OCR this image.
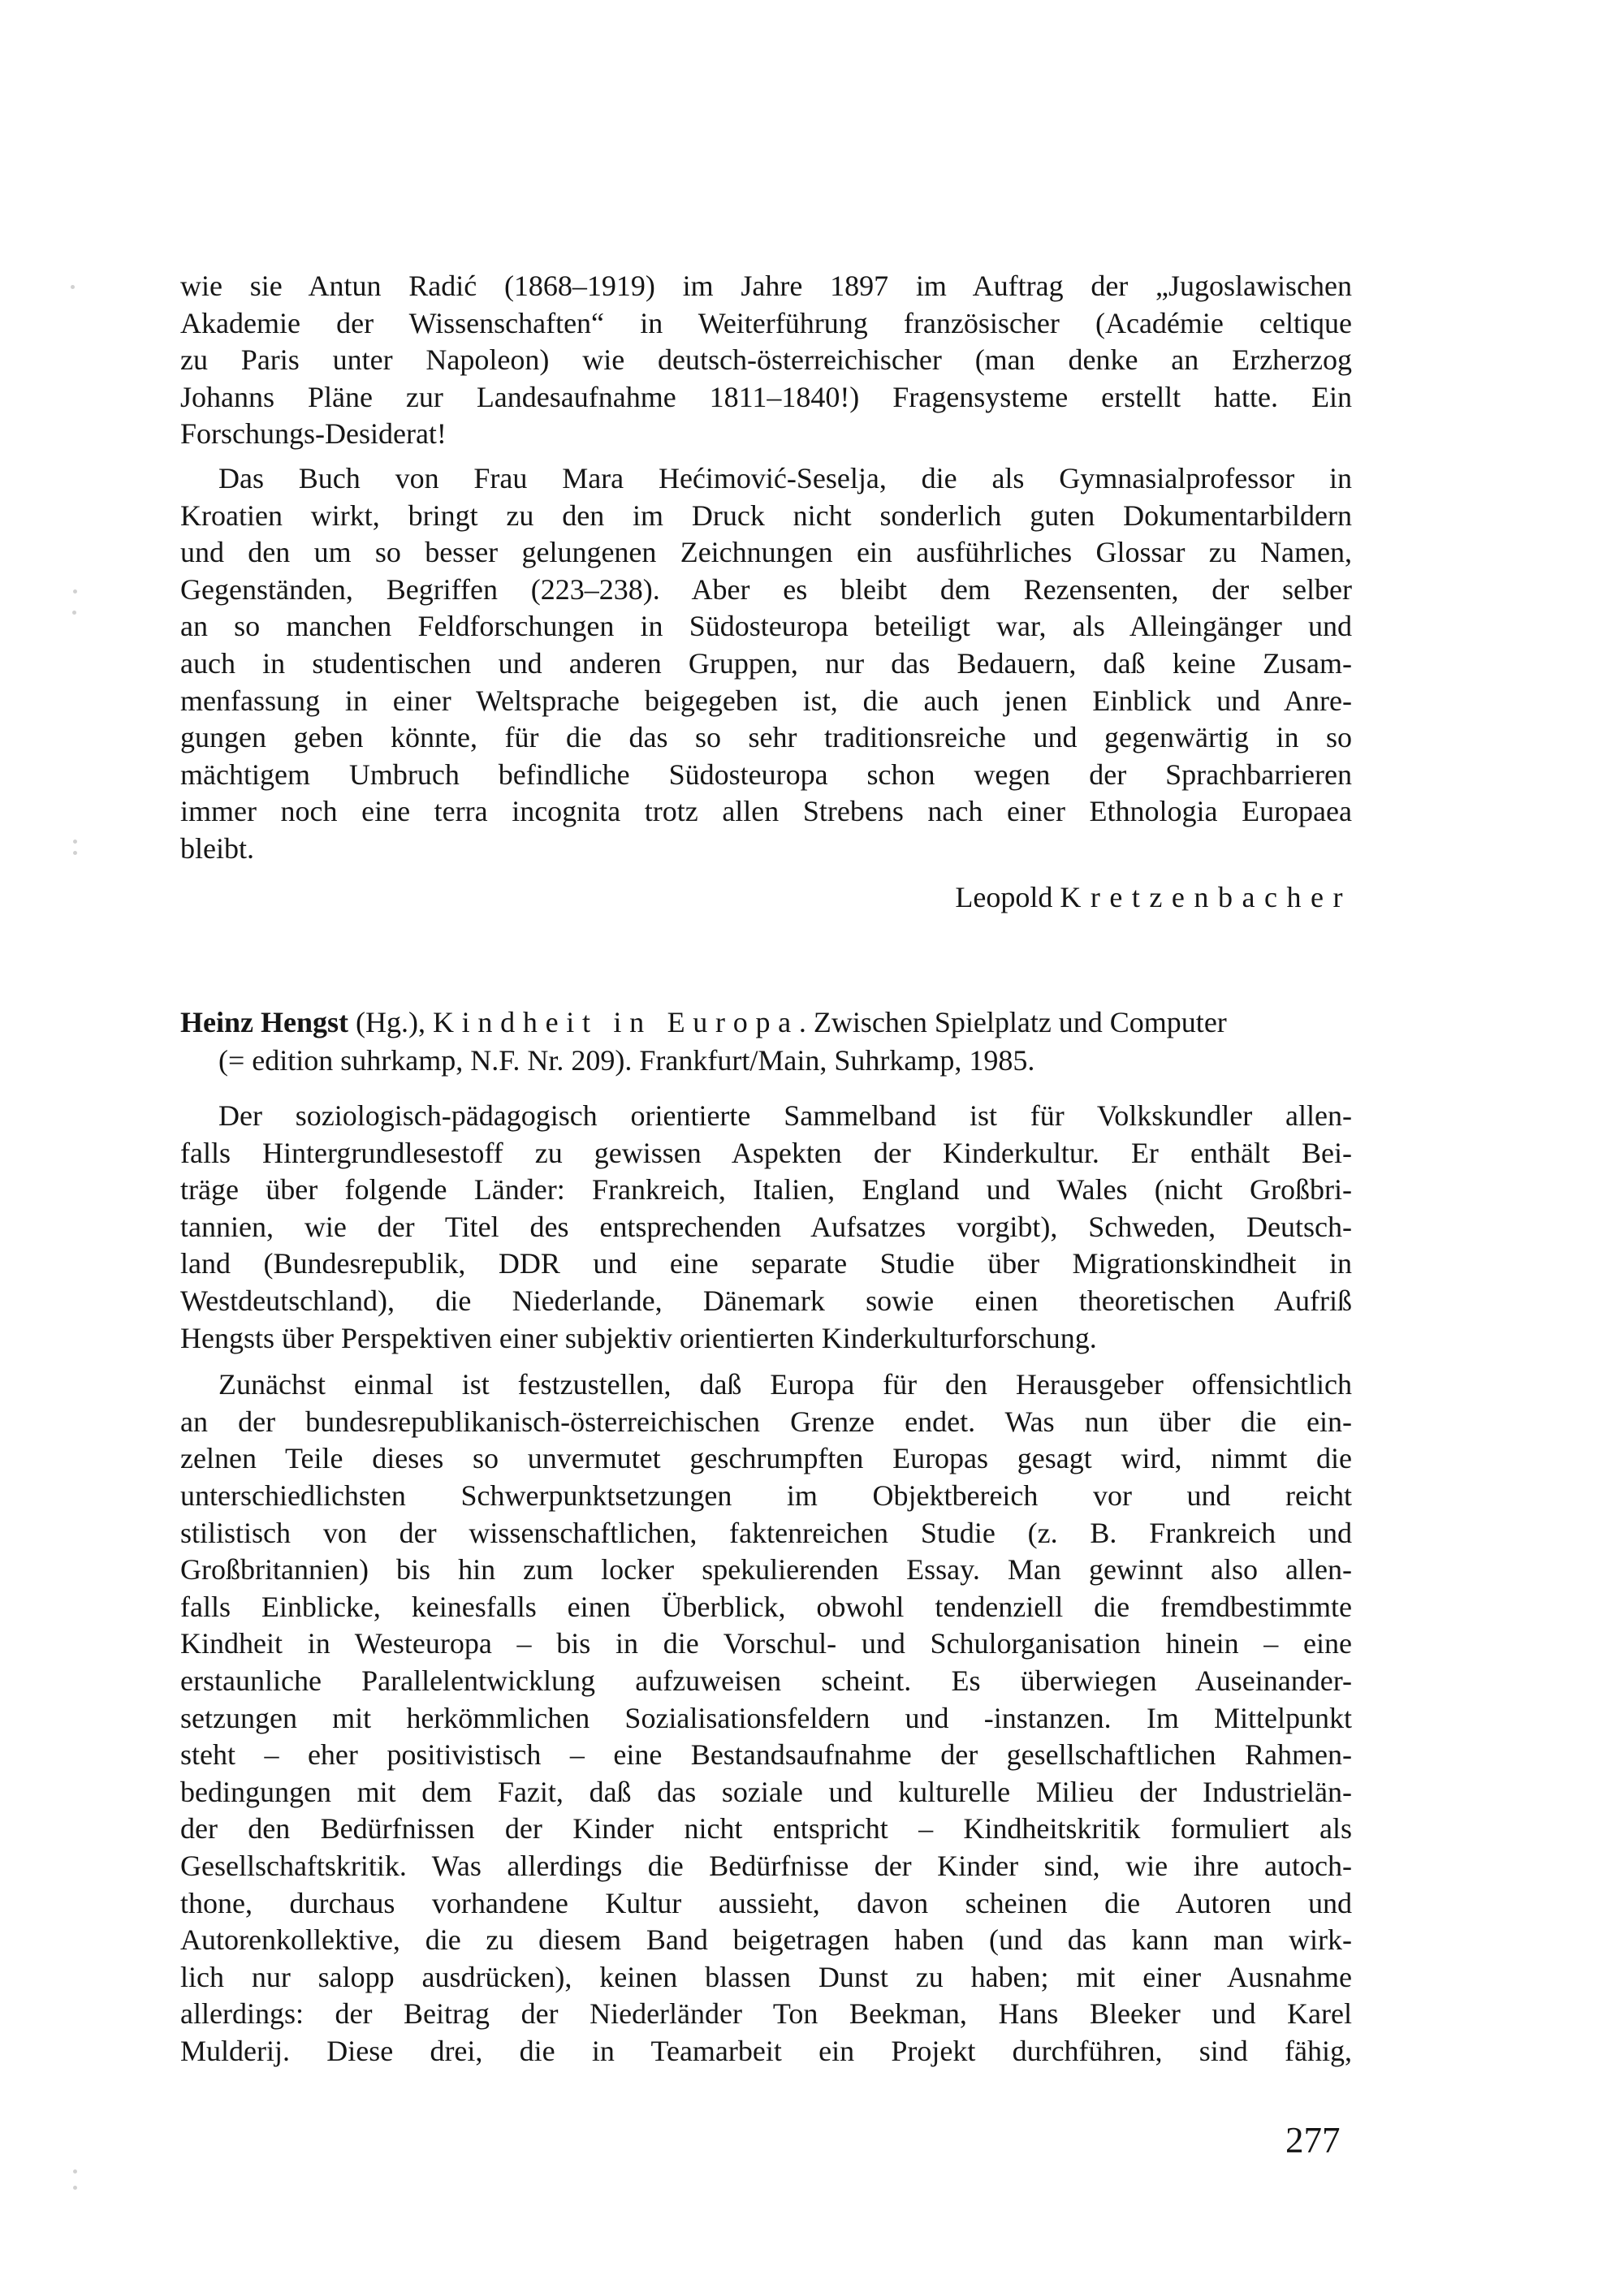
wie sie Antun Radić (1868–1919) im Jahre 1897 im Auftrag der „Jugoslawischen
Akademie der Wissenschaften“ in Weiterführung französischer (Académie celtique
zu Paris unter Napoleon) wie deutsch-österreichischer (man denke an Erzherzog
Johanns Pläne zur Landesaufnahme 1811–1840!) Fragensysteme erstellt hatte. Ein
Forschungs-Desiderat!
Das Buch von Frau Mara Hećimović-Seselja, die als Gymnasialprofessor in
Kroatien wirkt, bringt zu den im Druck nicht sonderlich guten Dokumentarbildern
und den um so besser gelungenen Zeichnungen ein ausführliches Glossar zu Namen,
Gegenständen, Begriffen (223–238). Aber es bleibt dem Rezensenten, der selber
an so manchen Feldforschungen in Südosteuropa beteiligt war, als Alleingänger und
auch in studentischen und anderen Gruppen, nur das Bedauern, daß keine Zusam-
menfassung in einer Weltsprache beigegeben ist, die auch jenen Einblick und Anre-
gungen geben könnte, für die das so sehr traditionsreiche und gegenwärtig in so
mächtigem Umbruch befindliche Südosteuropa schon wegen der Sprachbarrieren
immer noch eine terra incognita trotz allen Strebens nach einer Ethnologia Europaea
bleibt.
Leopold Kretzenbacher
Heinz Hengst (Hg.), Kindheit in Europa. Zwischen Spielplatz und Computer
(= edition suhrkamp, N.F. Nr. 209). Frankfurt/Main, Suhrkamp, 1985.
Der soziologisch-pädagogisch orientierte Sammelband ist für Volkskundler allen-
falls Hintergrundlesestoff zu gewissen Aspekten der Kinderkultur. Er enthält Bei-
träge über folgende Länder: Frankreich, Italien, England und Wales (nicht Großbri-
tannien, wie der Titel des entsprechenden Aufsatzes vorgibt), Schweden, Deutsch-
land (Bundesrepublik, DDR und eine separate Studie über Migrationskindheit in
Westdeutschland), die Niederlande, Dänemark sowie einen theoretischen Aufriß
Hengsts über Perspektiven einer subjektiv orientierten Kinderkulturforschung.
Zunächst einmal ist festzustellen, daß Europa für den Herausgeber offensichtlich
an der bundesrepublikanisch-österreichischen Grenze endet. Was nun über die ein-
zelnen Teile dieses so unvermutet geschrumpften Europas gesagt wird, nimmt die
unterschiedlichsten Schwerpunktsetzungen im Objektbereich vor und reicht
stilistisch von der wissenschaftlichen, faktenreichen Studie (z. B. Frankreich und
Großbritannien) bis hin zum locker spekulierenden Essay. Man gewinnt also allen-
falls Einblicke, keinesfalls einen Überblick, obwohl tendenziell die fremdbestimmte
Kindheit in Westeuropa – bis in die Vorschul- und Schulorganisation hinein – eine
erstaunliche Parallelentwicklung aufzuweisen scheint. Es überwiegen Auseinander-
setzungen mit herkömmlichen Sozialisationsfeldern und -instanzen. Im Mittelpunkt
steht – eher positivistisch – eine Bestandsaufnahme der gesellschaftlichen Rahmen-
bedingungen mit dem Fazit, daß das soziale und kulturelle Milieu der Industrielän-
der den Bedürfnissen der Kinder nicht entspricht – Kindheitskritik formuliert als
Gesellschaftskritik. Was allerdings die Bedürfnisse der Kinder sind, wie ihre autoch-
thone, durchaus vorhandene Kultur aussieht, davon scheinen die Autoren und
Autorenkollektive, die zu diesem Band beigetragen haben (und das kann man wirk-
lich nur salopp ausdrücken), keinen blassen Dunst zu haben; mit einer Ausnahme
allerdings: der Beitrag der Niederländer Ton Beekman, Hans Bleeker und Karel
Mulderij. Diese drei, die in Teamarbeit ein Projekt durchführen, sind fähig,
277
